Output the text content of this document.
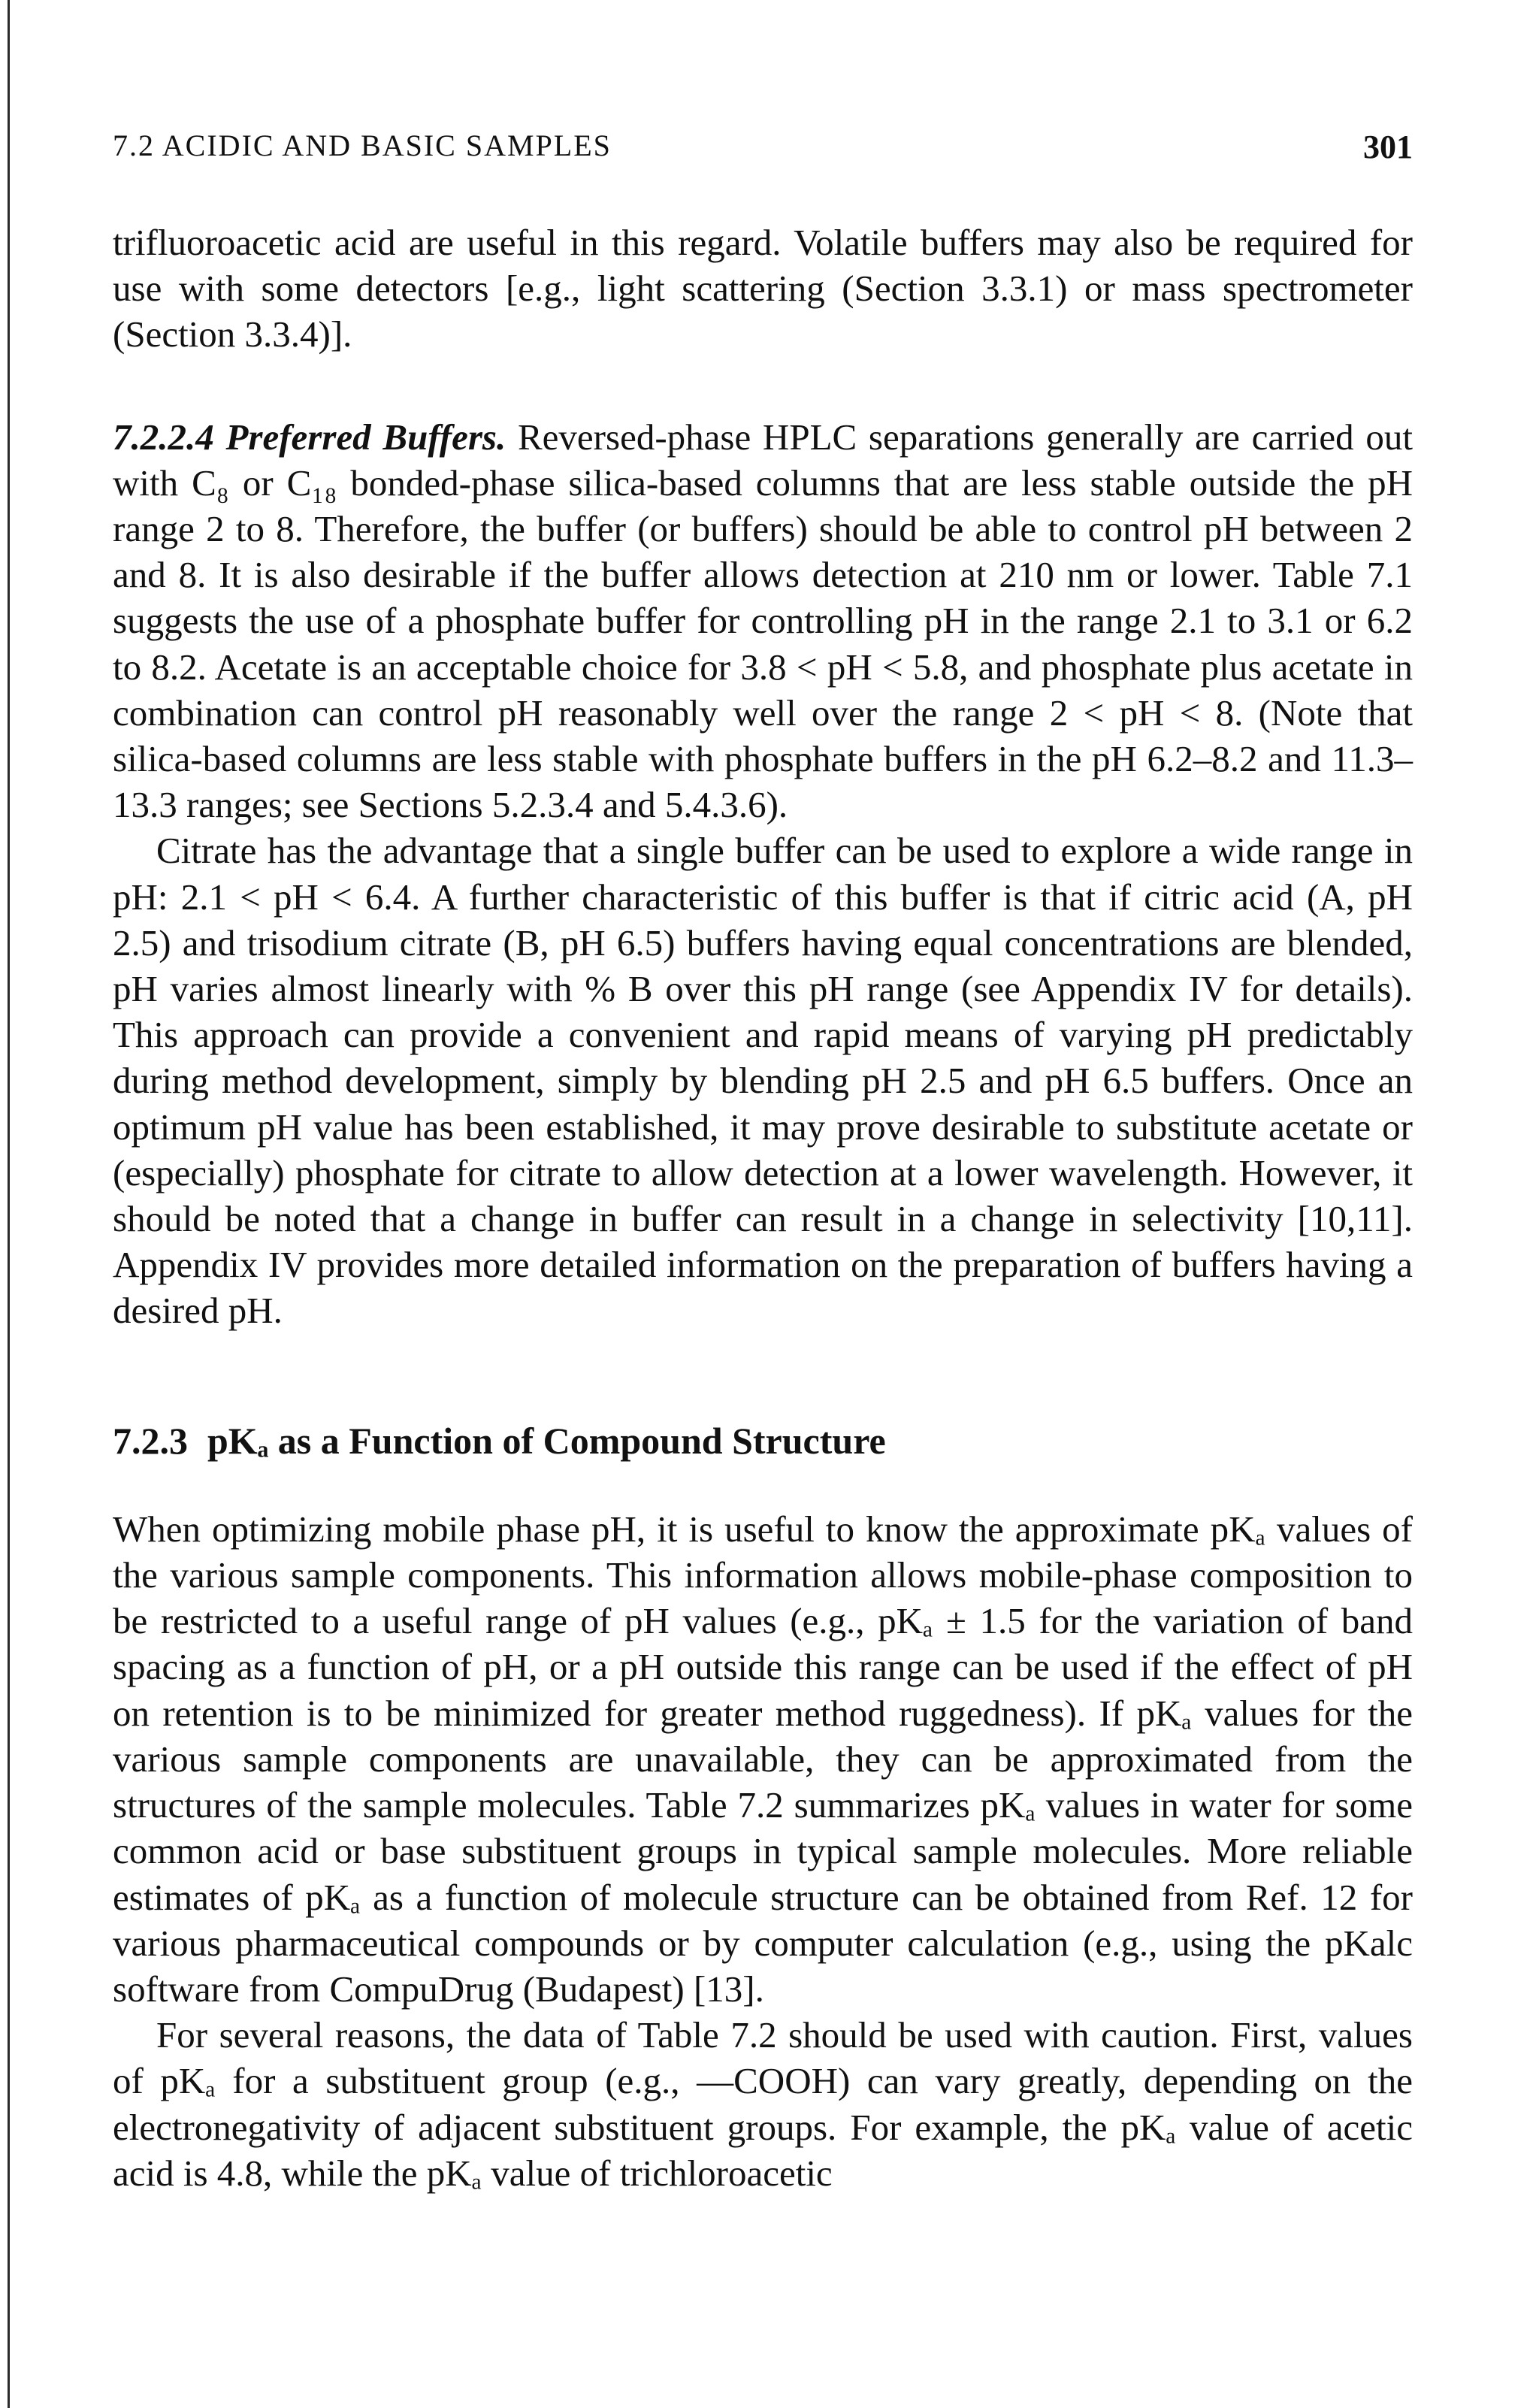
7.2 ACIDIC AND BASIC SAMPLES	301

trifluoroacetic acid are useful in this regard. Volatile buffers may also be required for use with some detectors [e.g., light scattering (Section 3.3.1) or mass spectrometer (Section 3.3.4)].

7.2.2.4 Preferred Buffers. Reversed-phase HPLC separations generally are carried out with C₈ or C₁₈ bonded-phase silica-based columns that are less stable outside the pH range 2 to 8. Therefore, the buffer (or buffers) should be able to control pH between 2 and 8. It is also desirable if the buffer allows detection at 210 nm or lower. Table 7.1 suggests the use of a phosphate buffer for controlling pH in the range 2.1 to 3.1 or 6.2 to 8.2. Acetate is an acceptable choice for 3.8 < pH < 5.8, and phosphate plus acetate in combination can control pH reasonably well over the range 2 < pH < 8. (Note that silica-based columns are less stable with phosphate buffers in the pH 6.2–8.2 and 11.3–13.3 ranges; see Sections 5.2.3.4 and 5.4.3.6).

Citrate has the advantage that a single buffer can be used to explore a wide range in pH: 2.1 < pH < 6.4. A further characteristic of this buffer is that if citric acid (A, pH 2.5) and trisodium citrate (B, pH 6.5) buffers having equal concentrations are blended, pH varies almost linearly with % B over this pH range (see Appendix IV for details). This approach can provide a convenient and rapid means of varying pH predictably during method development, simply by blending pH 2.5 and pH 6.5 buffers. Once an optimum pH value has been established, it may prove desirable to substitute acetate or (especially) phosphate for citrate to allow detection at a lower wavelength. However, it should be noted that a change in buffer can result in a change in selectivity [10,11]. Appendix IV provides more detailed information on the preparation of buffers having a desired pH.

7.2.3 pKₐ as a Function of Compound Structure

When optimizing mobile phase pH, it is useful to know the approximate pKₐ values of the various sample components. This information allows mobile-phase composition to be restricted to a useful range of pH values (e.g., pKₐ ± 1.5 for the variation of band spacing as a function of pH, or a pH outside this range can be used if the effect of pH on retention is to be minimized for greater method ruggedness). If pKₐ values for the various sample components are unavailable, they can be approximated from the structures of the sample molecules. Table 7.2 summarizes pKₐ values in water for some common acid or base substituent groups in typical sample molecules. More reliable estimates of pKₐ as a function of molecule structure can be obtained from Ref. 12 for various pharmaceutical compounds or by computer calculation (e.g., using the pKalc software from CompuDrug (Budapest) [13].

For several reasons, the data of Table 7.2 should be used with caution. First, values of pKₐ for a substituent group (e.g., —COOH) can vary greatly, depending on the electronegativity of adjacent substituent groups. For example, the pKₐ value of acetic acid is 4.8, while the pKₐ value of trichloroacetic
